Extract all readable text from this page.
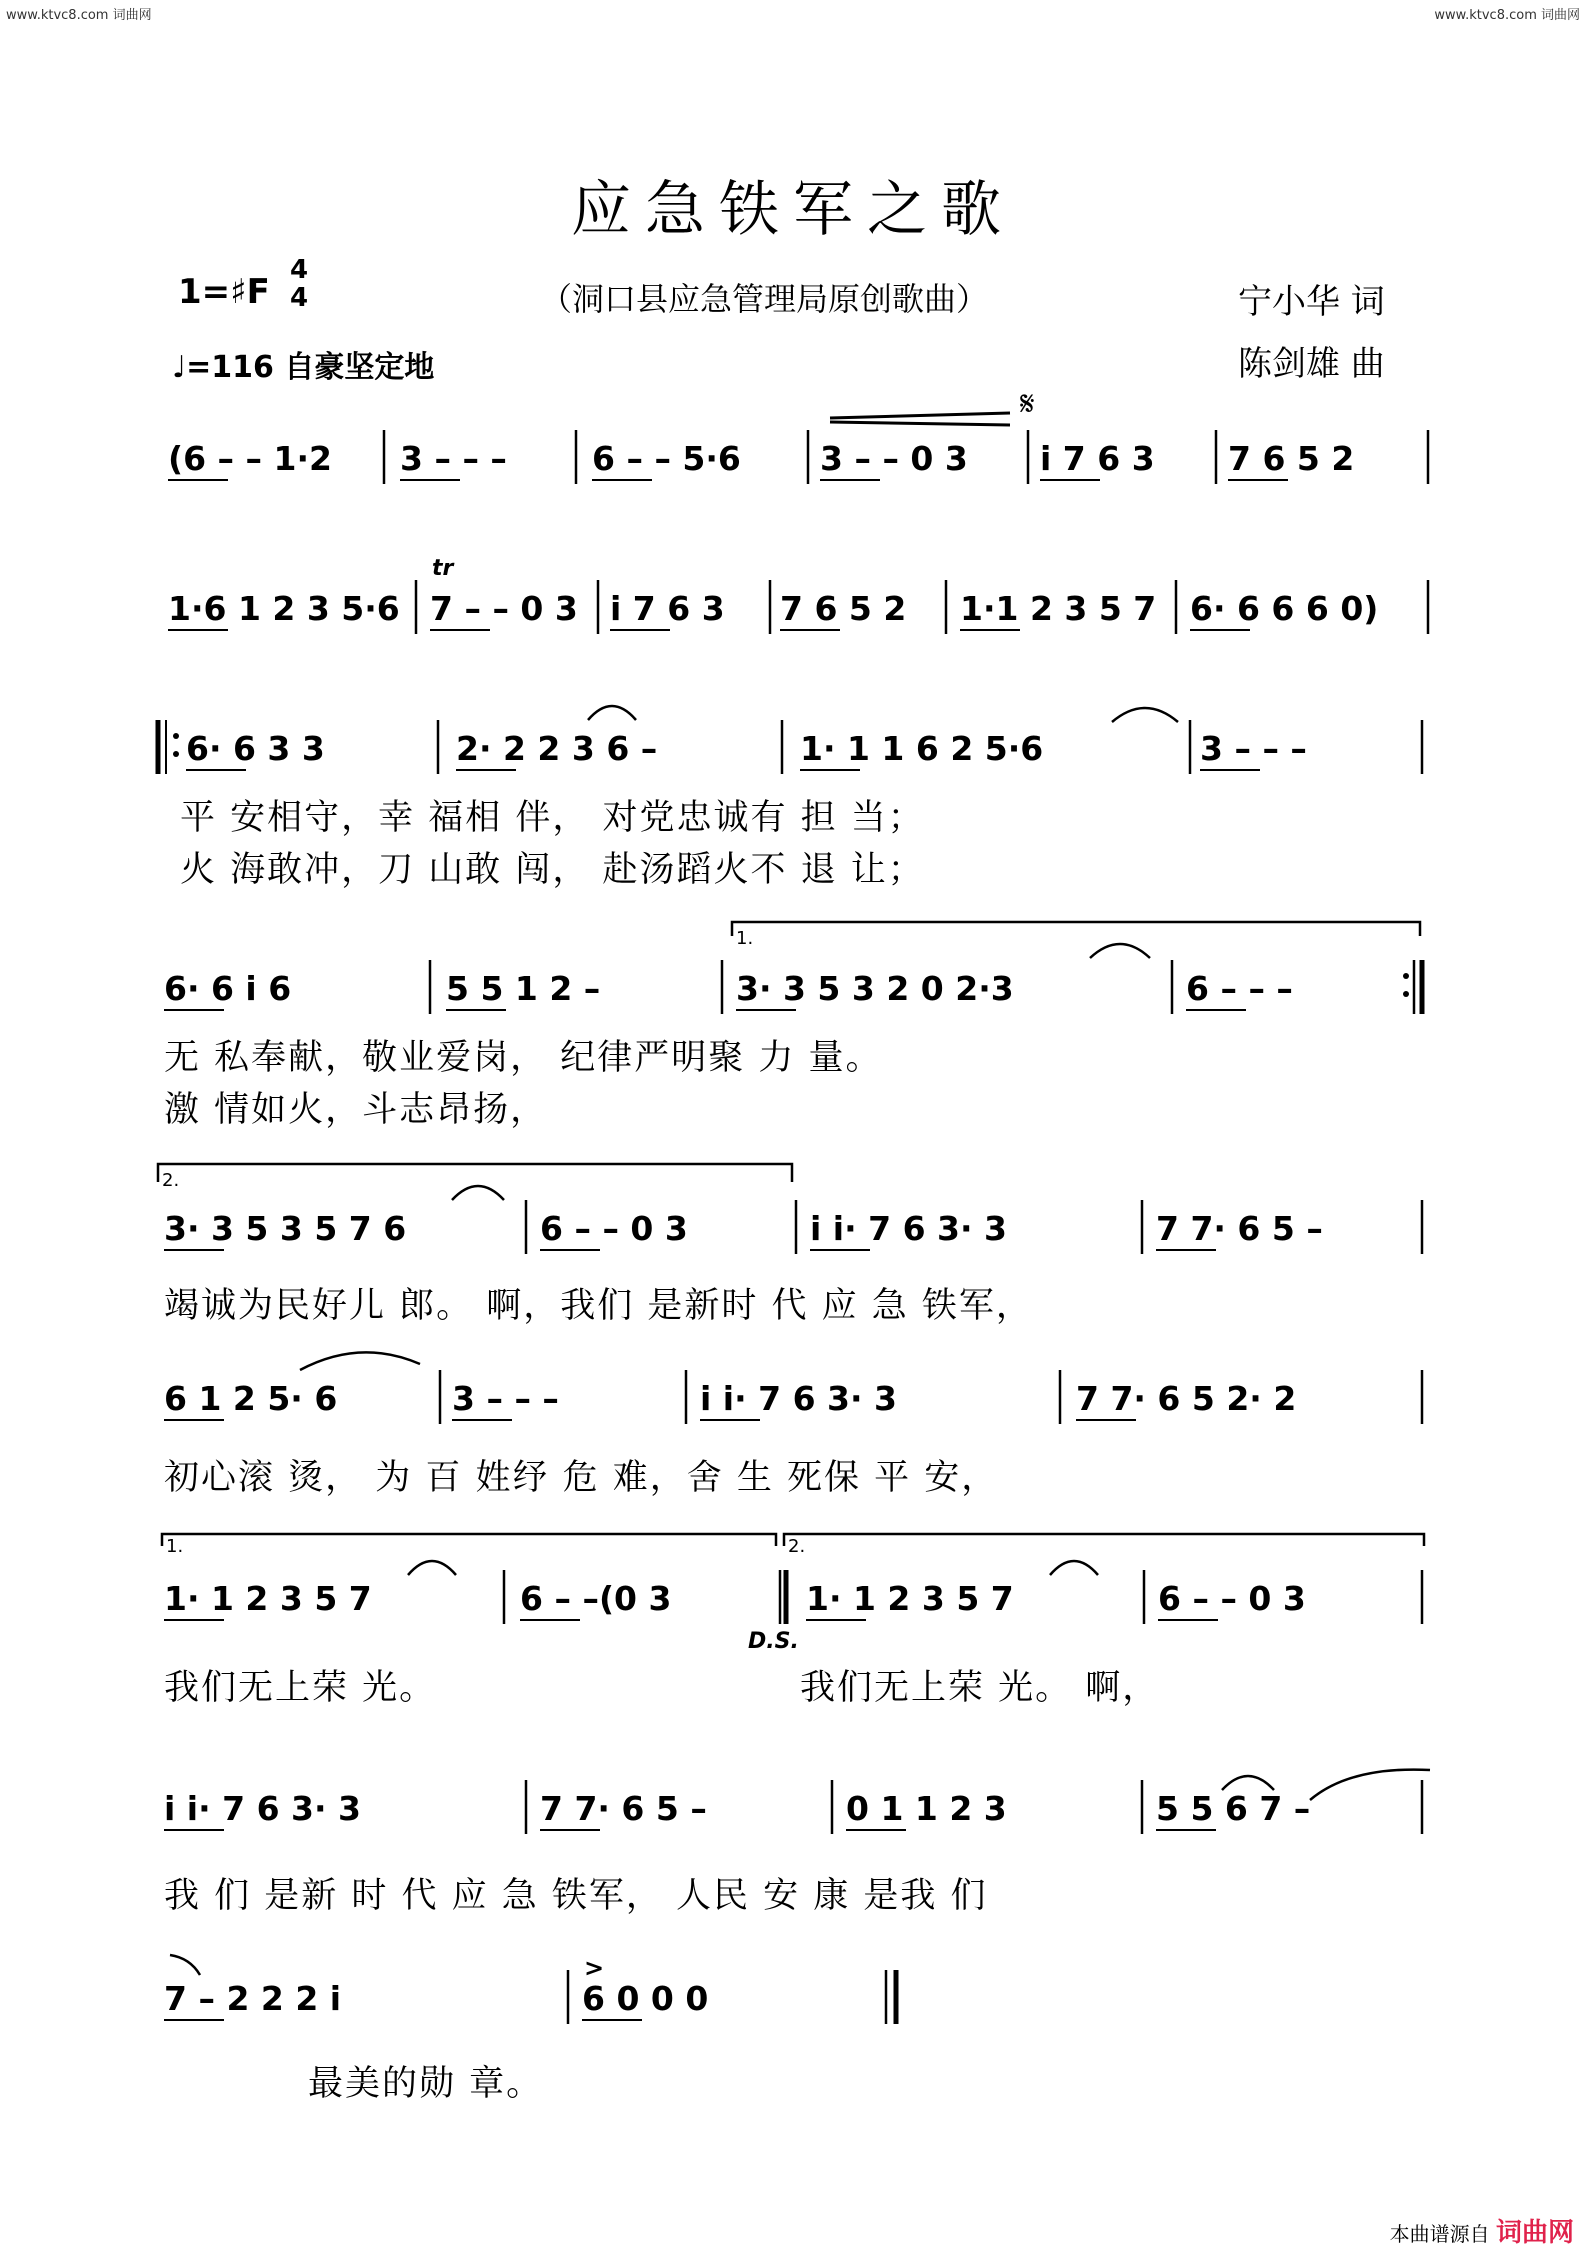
www.ktvc8.com 词曲网	www.ktvc8.com 词曲网
应急铁军之歌
1=♯F
4
4	（洞口县应急管理局原创歌曲）	宁小华 词
陈剑雄 曲
♩=116 自豪坚定地
𝄋
tr
(6 – – 1·2 3 – – –	6 – – 5·6 3 – – 0 3 i 7 6 3 7 6 5 2
1·6 1 2 3 5·6 7 – – 0 3 i 7 6 3 7 6 5 2 1·1 2 3 5 7 6· 6 6 6 0)
6· 6 3 3	2· 2 2 3 6 –	1· 1 1 6 2 5·6	3 – – –
6· 6 i 6	5 5 1 2 –	3· 3 5 3 2 0 2·3	6 – – –
3· 3 5 3 5 7 6	6 – – 0 3	i i· 7 6 3· 3	7 7· 6 5 –
6 1 2 5· 6	3 – – –	i i· 7 6 3· 3	7 7· 6 5 2· 2
1· 1 2 3 5 7	6 – –(0 3	1· 1 2 3 5 7	6 – – 0 3
i i· 7 6 3· 3	7 7· 6 5 –	0 1 1 2 3	5 5 6 7 –
7 – 2 2 2 i	6 0 0 0
>
1.
2.
1.	2.
D.S.
平 安相守，幸 福相 伴， 对党忠诚有 担 当；
火 海敢冲，刀 山敢 闯， 赴汤蹈火不 退 让；
无 私奉献，敬业爱岗， 纪律严明聚 力 量。
激 情如火，斗志昂扬，
竭诚为民好儿 郎。 啊，我们 是新时 代 应 急 铁军，
初心滚 烫， 为 百 姓纾 危 难，舍 生 死保 平 安，
我们无上荣 光。	我们无上荣 光。 啊，
我 们 是新 时 代 应 急 铁军， 人民 安 康 是我 们
最美的勋 章。
本曲谱源自 词曲网
